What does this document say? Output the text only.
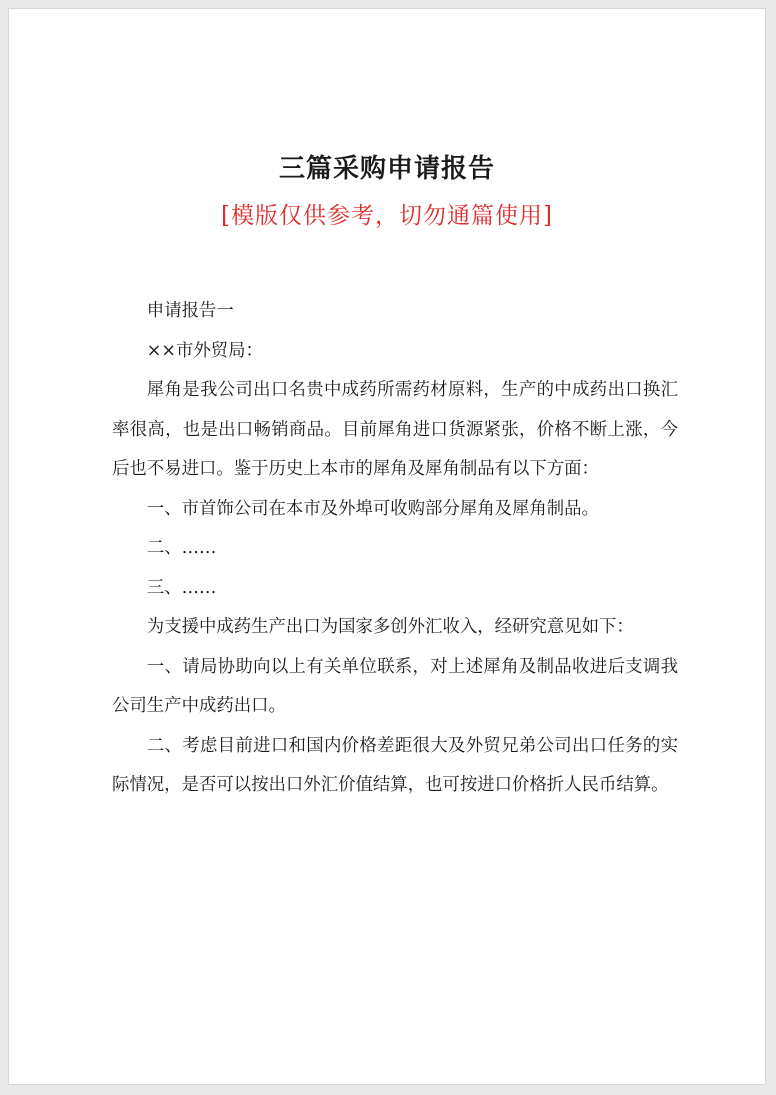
三篇采购申请报告
[模版仅供参考，切勿通篇使用]

申请报告一

××市外贸局：

犀角是我公司出口名贵中成药所需药材原料，生产的中成药出口换汇率很高，也是出口畅销商品。目前犀角进口货源紧张，价格不断上涨，今后也不易进口。鉴于历史上本市的犀角及犀角制品有以下方面：

一、市首饰公司在本市及外埠可收购部分犀角及犀角制品。

二、……

三、……

为支援中成药生产出口为国家多创外汇收入，经研究意见如下：

一、请局协助向以上有关单位联系，对上述犀角及制品收进后支调我公司生产中成药出口。

二、考虑目前进口和国内价格差距很大及外贸兄弟公司出口任务的实际情况，是否可以按出口外汇价值结算，也可按进口价格折人民币结算。
